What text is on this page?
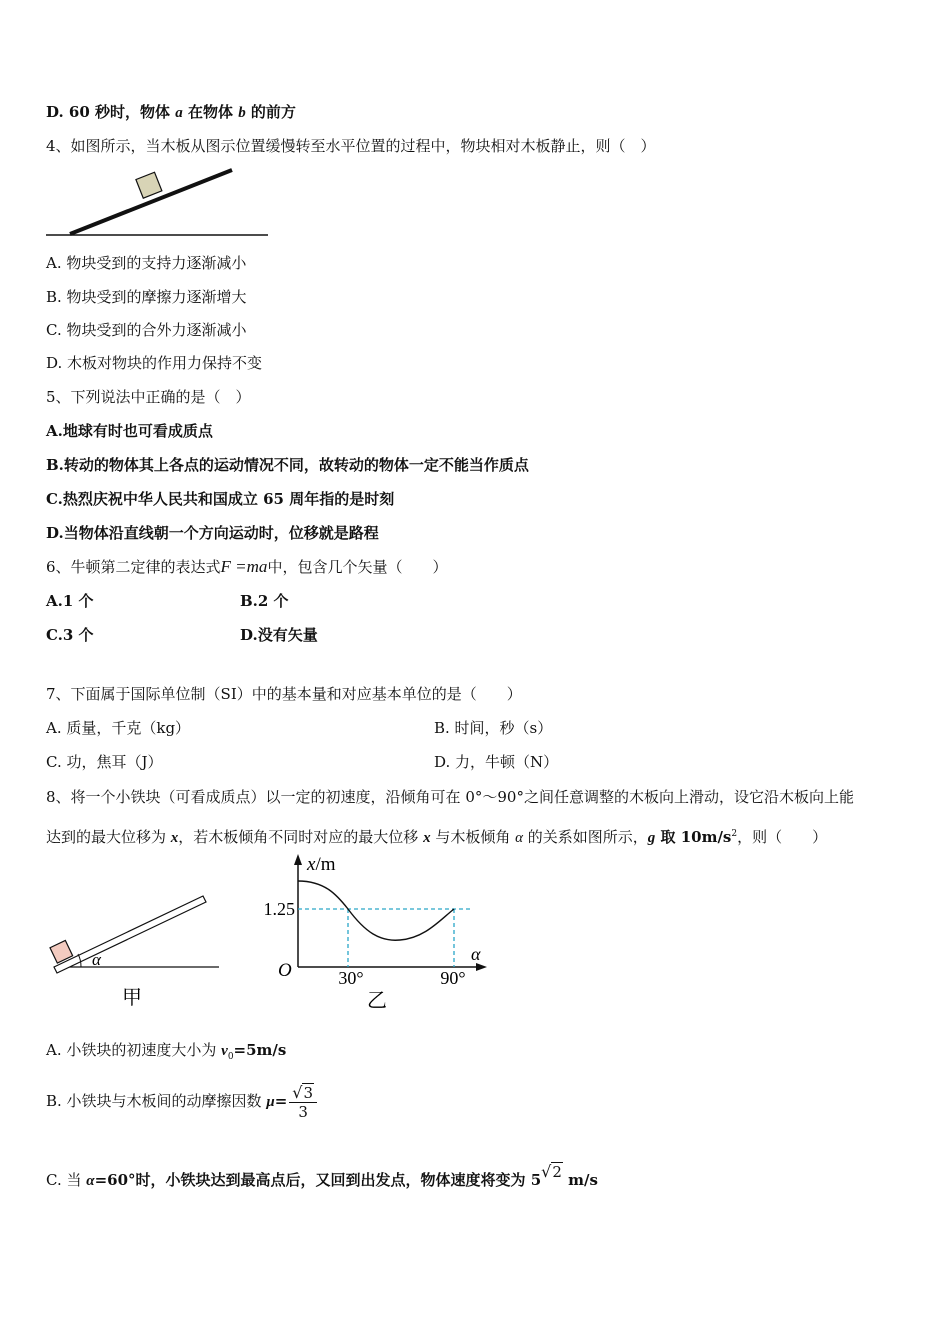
D. 60 秒时，物体 a 在物体 b 的前方
4、如图所示，当木板从图示位置缓慢转至水平位置的过程中，物块相对木板静止，则（　）
A. 物块受到的支持力逐渐减小
B. 物块受到的摩擦力逐渐增大
C. 物块受到的合外力逐渐减小
D. 木板对物块的作用力保持不变
5、下列说法中正确的是（　）
A.地球有时也可看成质点
B.转动的物体其上各点的运动情况不同，故转动的物体一定不能当作质点
C.热烈庆祝中华人民共和国成立 65 周年指的是时刻
D.当物体沿直线朝一个方向运动时，位移就是路程
6、牛顿第二定律的表达式F =ma中，包含几个矢量（　　）
A.1 个	B.2 个
C.3 个	D.没有矢量
7、下面属于国际单位制（SI）中的基本量和对应基本单位的是（　　）
A. 质量，千克（kg）	B. 时间，秒（s）
C. 功，焦耳（J）	D. 力，牛顿（N）
8、将一个小铁块（可看成质点）以一定的初速度，沿倾角可在 0°～90°之间任意调整的木板向上滑动，设它沿木板向上能
达到的最大位移为 x，若木板倾角不同时对应的最大位移 x 与木板倾角 α 的关系如图所示，g 取 $10m/s^2$，则（　　）
α
甲
x/m
1.25
O	30°	90°
α
乙
A. 小铁块的初速度大小为 $v_0=5m/s$
B. 小铁块与木板间的动摩擦因数 $\mu= \frac{√3}{3}$
C. 当 α=60°时，小铁块达到最高点后，又回到出发点，物体速度将变为 5√2 m/s
